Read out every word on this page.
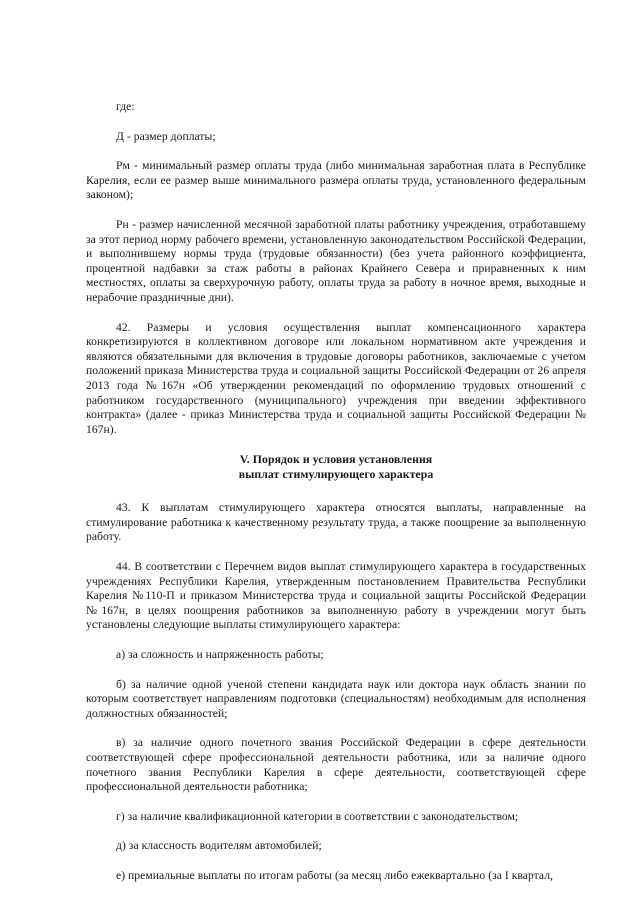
где:

Д - размер доплаты;

Рм - минимальный размер оплаты труда (либо минимальная заработная плата в Республике Карелия, если ее размер выше минимального размера оплаты труда, установленного федеральным законом);

Рн - размер начисленной месячной заработной платы работнику учреждения, отработавшему за этот период норму рабочего времени, установленную законодательством Российской Федерации, и выполнившему нормы труда (трудовые обязанности) (без учета районного коэффициента, процентной надбавки за стаж работы в районах Крайнего Севера и приравненных к ним местностях, оплаты за сверхурочную работу, оплаты труда за работу в ночное время, выходные и нерабочие праздничные дни).

42. Размеры и условия осуществления выплат компенсационного характера конкретизируются в коллективном договоре или локальном нормативном акте учреждения и являются обязательными для включения в трудовые договоры работников, заключаемые с учетом положений приказа Министерства труда и социальной защиты Российской Федерации от 26 апреля 2013 года №167н «Об утверждении рекомендаций по оформлению трудовых отношений с работником государственного (муниципального) учреждения при введении эффективного контракта» (далее - приказ Министерства труда и социальной защиты Российской Федерации № 167н).

V. Порядок и условия установления
выплат стимулирующего характера

43. К выплатам стимулирующего характера относятся выплаты, направленные на стимулирование работника к качественному результату труда, а также поощрение за выполненную работу.

44. В соответствии с Перечнем видов выплат стимулирующего характера в государственных учреждениях Республики Карелия, утвержденным постановлением Правительства Республики Карелия №110-П и приказом Министерства труда и социальной защиты Российской Федерации №167н, в целях поощрения работников за выполненную работу в учреждении могут быть установлены следующие выплаты стимулирующего характера:

а) за сложность и напряженность работы;

б) за наличие одной ученой степени кандидата наук или доктора наук область знании по которым соответствует направлениям подготовки (специальностям) необходимым для исполнения должностных обязанностей;

в) за наличие одного почетного звания Российской Федерации в сфере деятельности соответствующей сфере профессиональной деятельности работника, или за наличие одного почетного звания Республики Карелия в сфере деятельности, соответствующей сфере профессиональной деятельности работника;

г) за наличие квалификационной категории в соответствии с законодательством;

д) за классность водителям автомобилей;

е) премиальные выплаты по итогам работы (за месяц либо ежеквартально (за I квартал,
